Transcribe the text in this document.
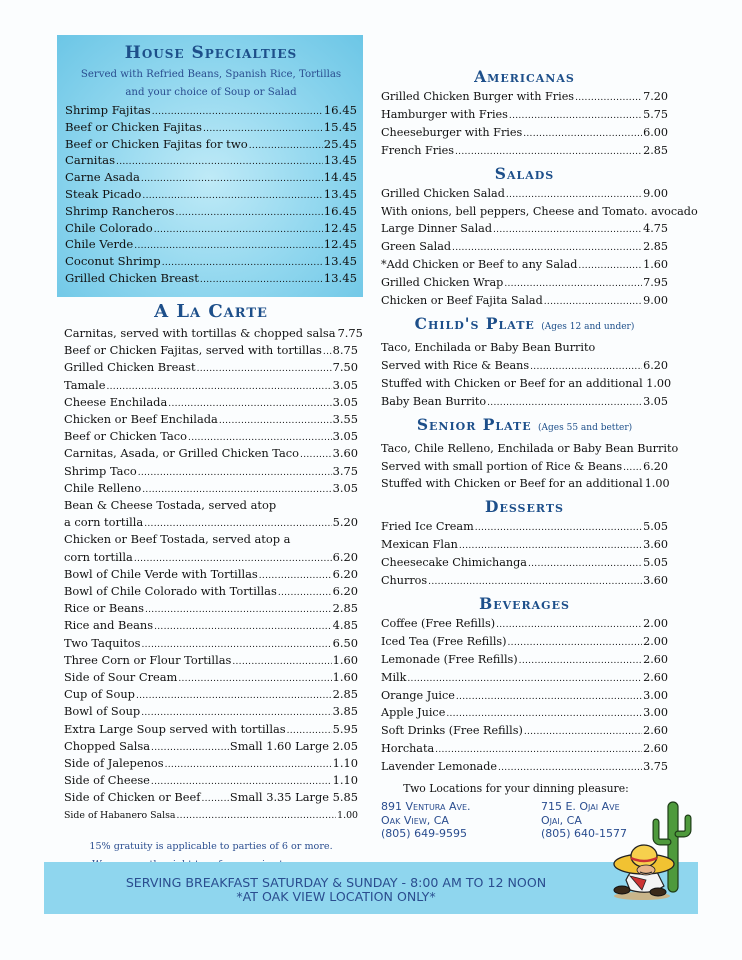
House Specialties
Served with Refried Beans, Spanish Rice, Tortillas
and your choice of Soup or Salad
Shrimp Fajitas .....	16.45
Beef or Chicken Fajitas .....	15.45
Beef or Chicken Fajitas for two .....	25.45
Carnitas .....	13.45
Carne Asada .....	14.45
Steak Picado .....	13.45
Shrimp Rancheros .....	16.45
Chile Colorado .....	12.45
Chile Verde .....	12.45
Coconut Shrimp .....	13.45
Grilled Chicken Breast .....	13.45
A La Carte
Carnitas, served with tortillas & chopped salsa 7.75
Beef or Chicken Fajitas, served with tortillas ..... 8.75
Grilled Chicken Breast .....	7.50
Tamale .....	3.05
Cheese Enchilada .....	3.05
Chicken or Beef Enchilada .....	3.55
Beef or Chicken Taco .....	3.05
Carnitas, Asada, or Grilled Chicken Taco .....	3.60
Shrimp Taco .....	3.75
Chile Relleno .....	3.05
Bean & Cheese Tostada, served atop
a corn tortilla .....	5.20
Chicken or Beef Tostada, served atop a
corn tortilla .....	6.20
Bowl of Chile Verde with Tortillas .....	6.20
Bowl of Chile Colorado with Tortillas .....	6.20
Rice or Beans .....	2.85
Rice and Beans .....	4.85
Two Taquitos .....	6.50
Three Corn or Flour Tortillas .....	1.60
Side of Sour Cream .....	1.60
Cup of Soup .....	2.85
Bowl of Soup .....	3.85
Extra Large Soup served with tortillas .....	5.95
Chopped Salsa .....	Small 1.60 Large 2.05
Side of Jalepenos .....	1.10
Side of Cheese .....	1.10
Side of Chicken or Beef .....	Small 3.35 Large 5.85
Side of Habanero Salsa .....	1.00
15% gratuity is applicable to parties of 6 or more.
Americanas
Grilled Chicken Burger with Fries .....	7.20
Hamburger with Fries .....	5.75
Cheeseburger with Fries .....	6.00
French Fries .....	2.85
Salads
Grilled Chicken Salad .....	9.00
With onions, bell peppers, Cheese and Tomato. avocado
Large Dinner Salad .....	4.75
Green Salad .....	2.85
*Add Chicken or Beef to any Salad .....	1.60
Grilled Chicken Wrap .....	7.95
Chicken or Beef Fajita Salad .....	9.00
Child's Plate (Ages 12 and under)
Taco, Enchilada or Baby Bean Burrito
Served with Rice & Beans .....	6.20
Stuffed with Chicken or Beef for an additional 1.00
Baby Bean Burrito .....	3.05
Senior Plate (Ages 55 and better)
Taco, Chile Relleno, Enchilada or Baby Bean Burrito
Served with small portion of Rice & Beans ..... 6.20
Stuffed with Chicken or Beef for an additional 1.00
Desserts
Fried Ice Cream .....	5.05
Mexican Flan .....	3.60
Cheesecake Chimichanga .....	5.05
Churros .....	3.60
Beverages
Coffee (Free Refills) .....	2.00
Iced Tea (Free Refills) .....	2.00
Lemonade (Free Refills) .....	2.60
Milk .....	2.60
Orange Juice .....	3.00
Apple Juice .....	3.00
Soft Drinks (Free Refills) .....	2.60
Horchata .....	2.60
Lavender Lemonade .....	3.75
Two Locations for your dinning pleasure:
891 Ventura Ave.
Oak View, CA
(805) 649-9595
715 E. Ojai Ave
Ojai, CA
(805) 640-1577
SERVING BREAKFAST SATURDAY & SUNDAY - 8:00 AM TO 12 NOON
*AT OAK VIEW LOCATION ONLY*
